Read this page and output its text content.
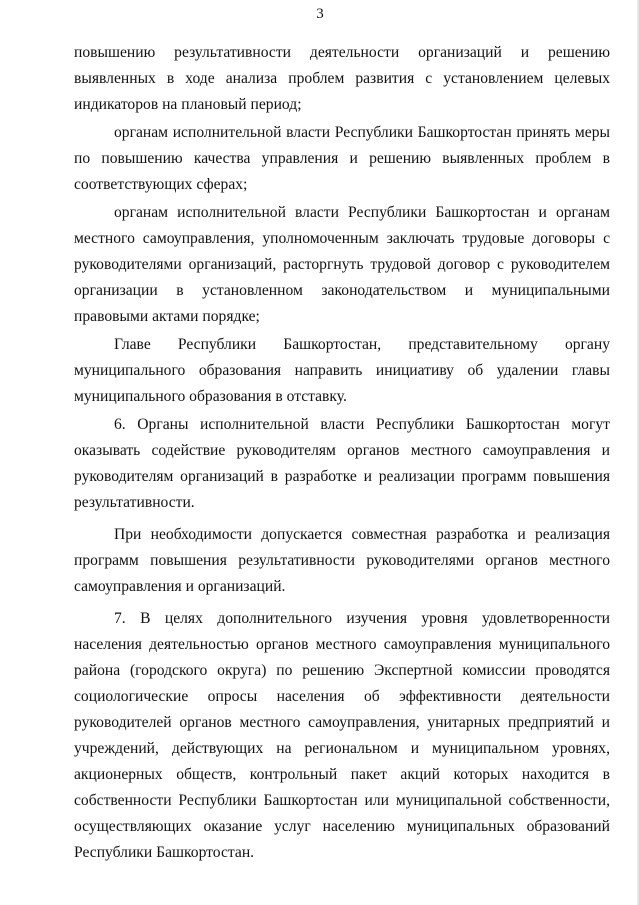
3

повышению результативности деятельности организаций и решению выявленных в ходе анализа проблем развития с установлением целевых индикаторов на плановый период;

органам исполнительной власти Республики Башкортостан принять меры по повышению качества управления и решению выявленных проблем в соответствующих сферах;

органам исполнительной власти Республики Башкортостан и органам местного самоуправления, уполномоченным заключать трудовые договоры с руководителями организаций, расторгнуть трудовой договор с руководителем организации в установленном законодательством и муниципальными правовыми актами порядке;

Главе Республики Башкортостан, представительному органу муниципального образования направить инициативу об удалении главы муниципального образования в отставку.

6. Органы исполнительной власти Республики Башкортостан могут оказывать содействие руководителям органов местного самоуправления и руководителям организаций в разработке и реализации программ повышения результативности.

При необходимости допускается совместная разработка и реализация программ повышения результативности руководителями органов местного самоуправления и организаций.

7. В целях дополнительного изучения уровня удовлетворенности населения деятельностью органов местного самоуправления муниципального района (городского округа) по решению Экспертной комиссии проводятся социологические опросы населения об эффективности деятельности руководителей органов местного самоуправления, унитарных предприятий и учреждений, действующих на региональном и муниципальном уровнях, акционерных обществ, контрольный пакет акций которых находится в собственности Республики Башкортостан или муниципальной собственности, осуществляющих оказание услуг населению муниципальных образований Республики Башкортостан.
